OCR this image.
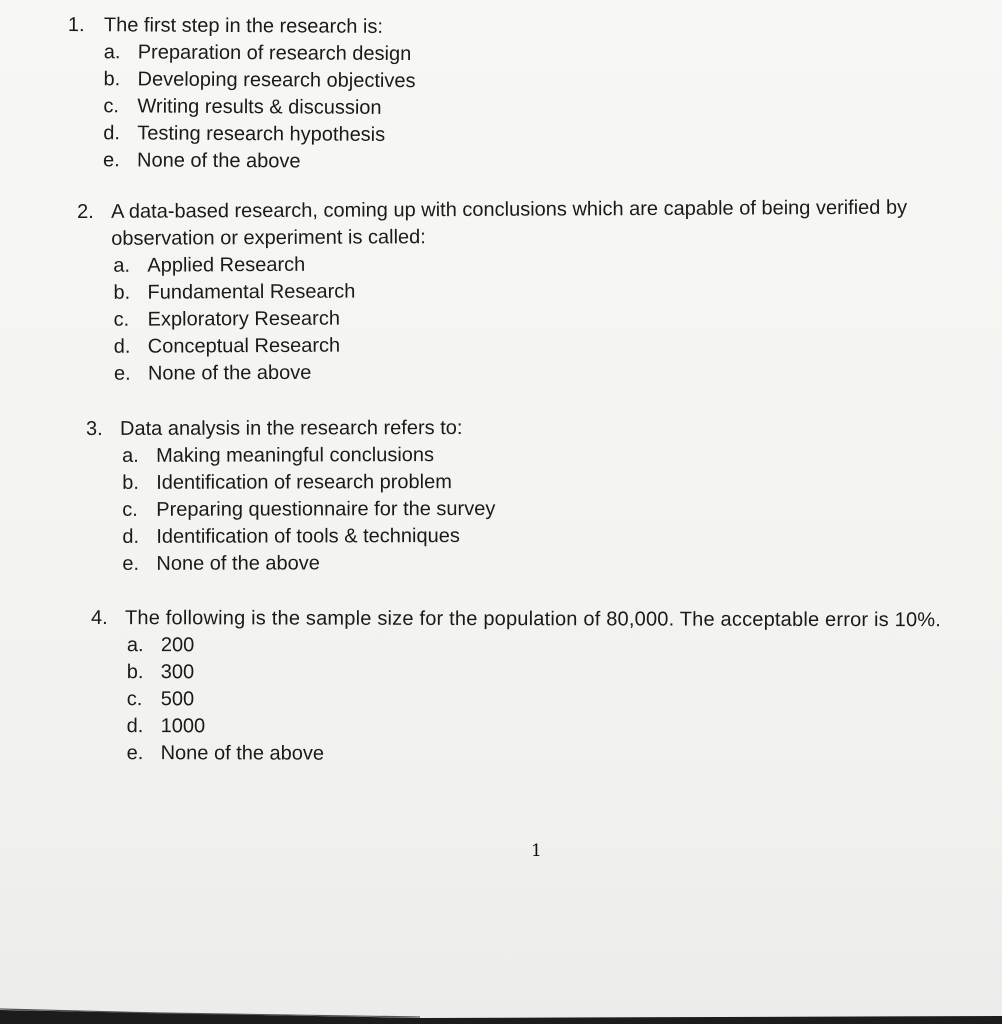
1. The first step in the research is:
a. Preparation of research design
b. Developing research objectives
c. Writing results & discussion
d. Testing research hypothesis
e. None of the above
2. A data-based research, coming up with conclusions which are capable of being verified by observation or experiment is called:
a. Applied Research
b. Fundamental Research
c. Exploratory Research
d. Conceptual Research
e. None of the above
3. Data analysis in the research refers to:
a. Making meaningful conclusions
b. Identification of research problem
c. Preparing questionnaire for the survey
d. Identification of tools & techniques
e. None of the above
4. The following is the sample size for the population of 80,000. The acceptable error is 10%.
a. 200
b. 300
c. 500
d. 1000
e. None of the above
1
